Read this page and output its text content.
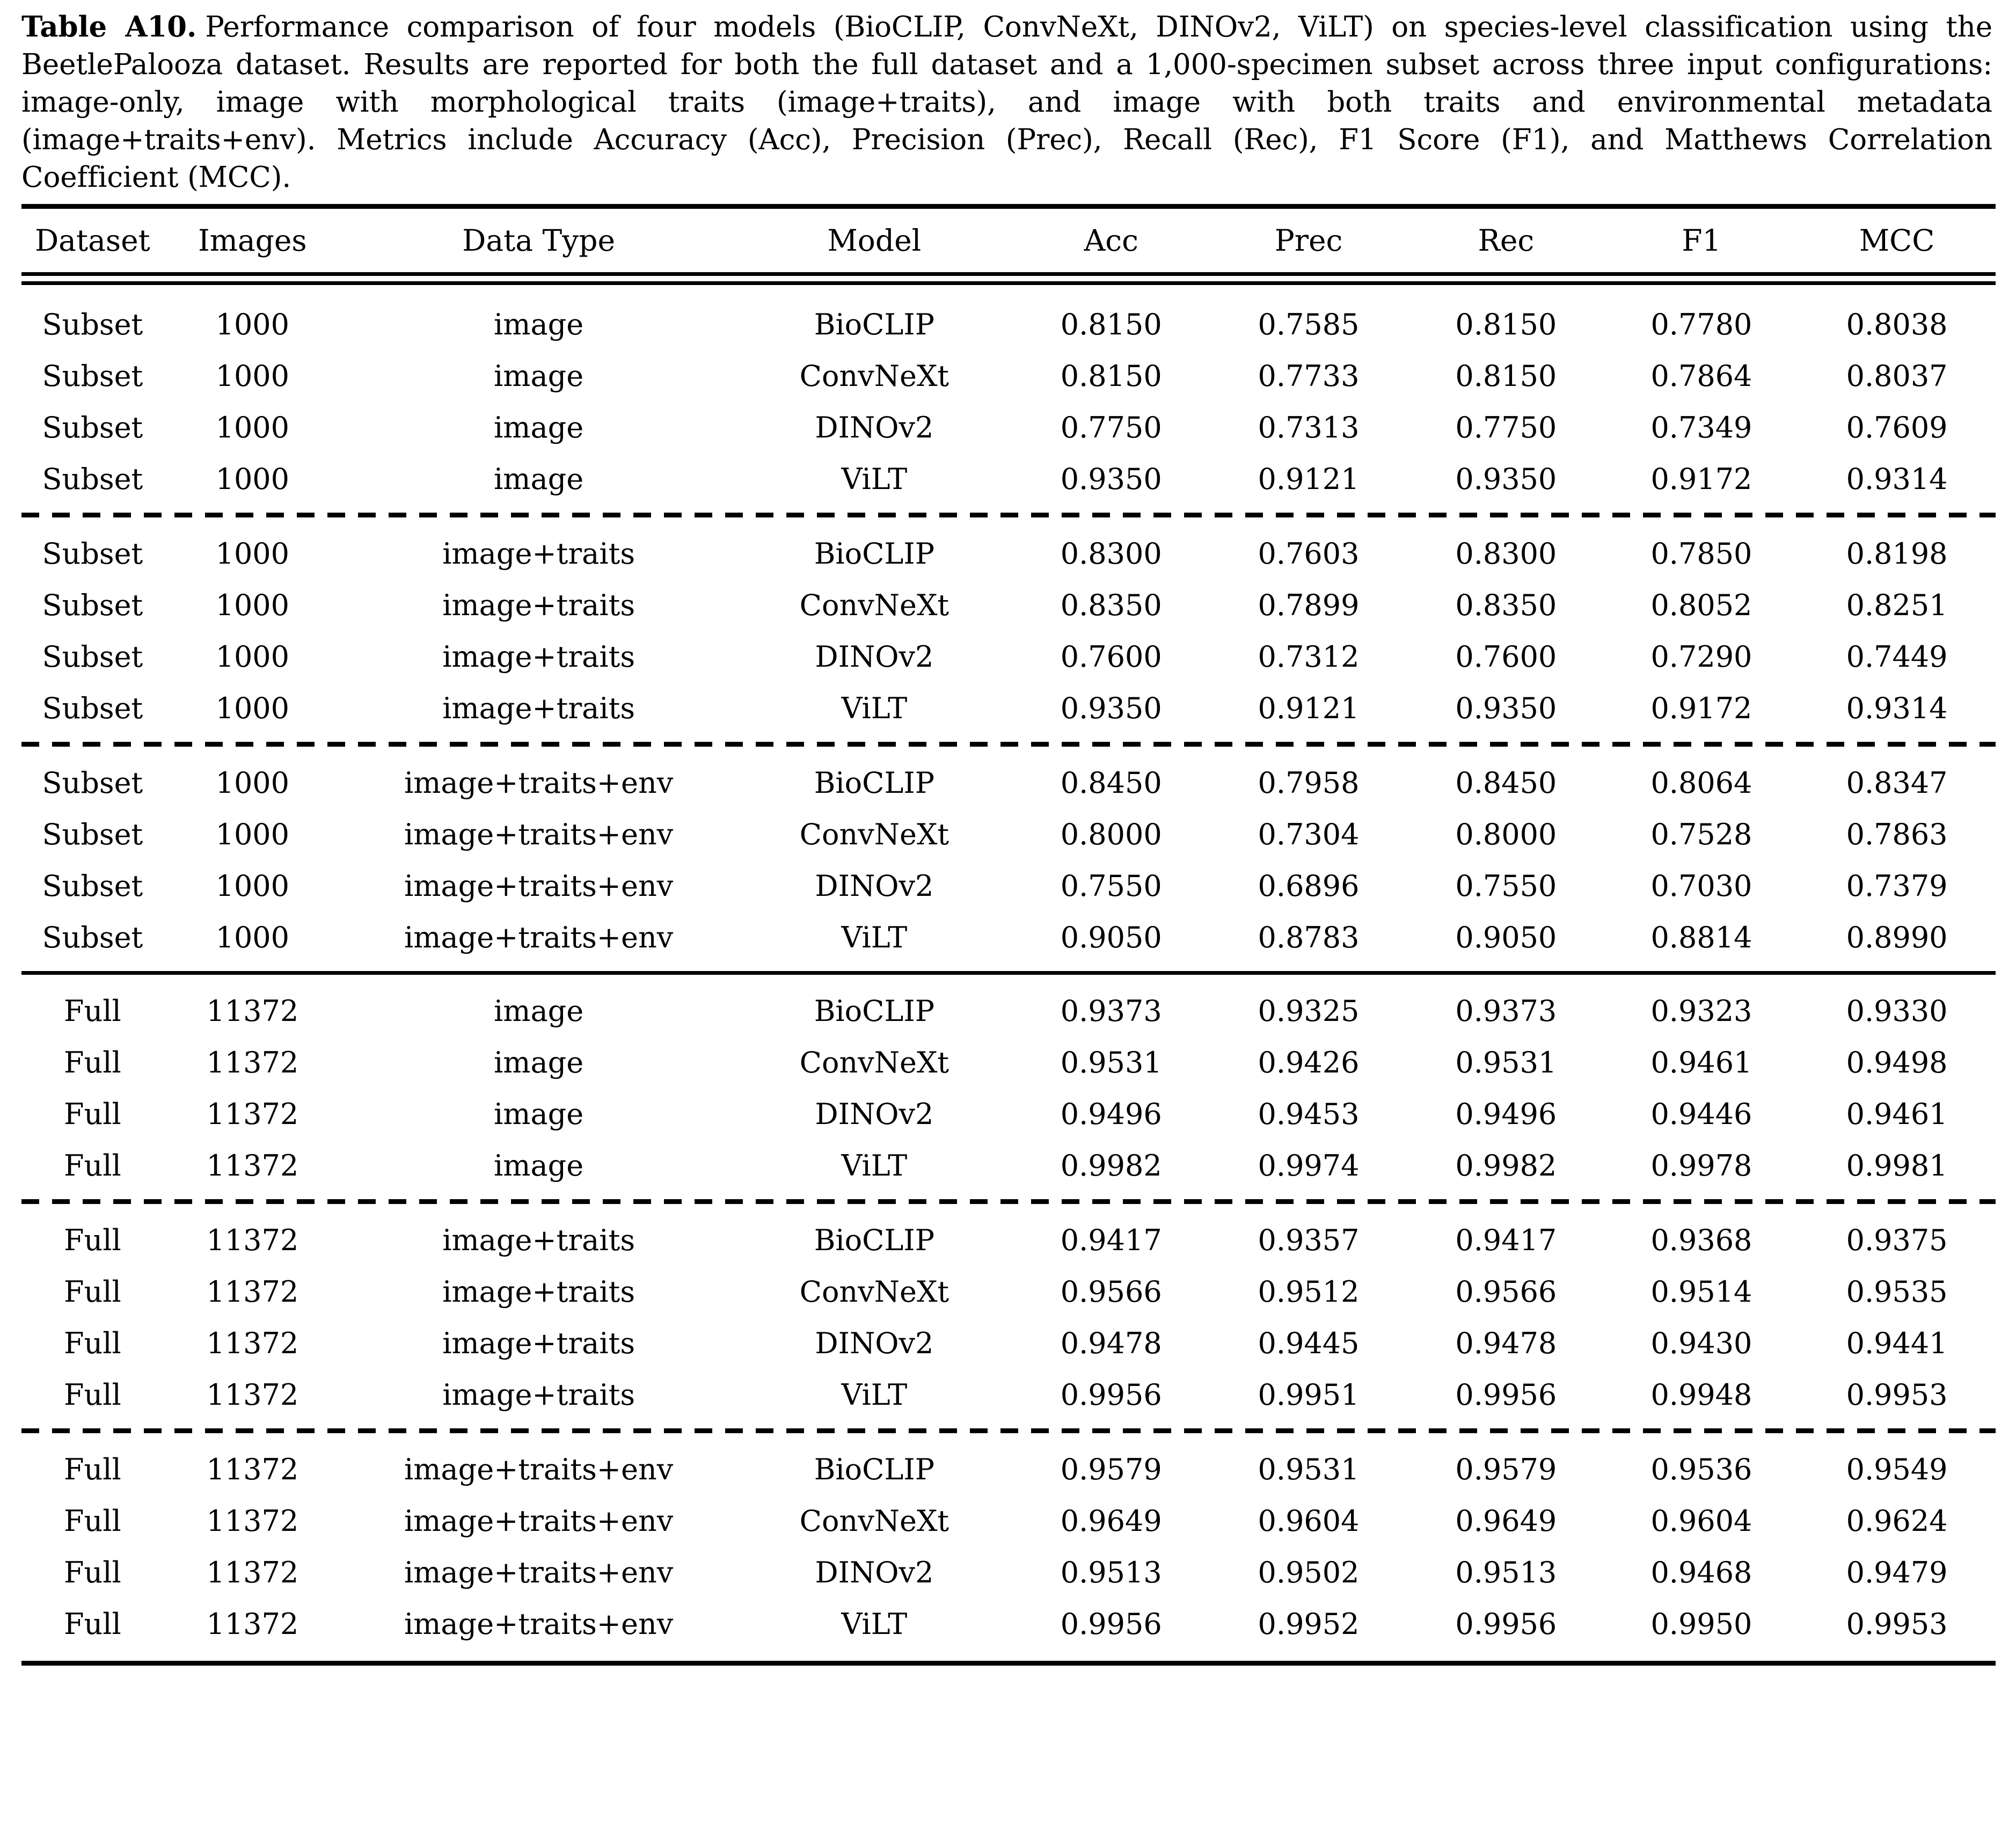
Table A10. Performance comparison of four models (BioCLIP, ConvNeXt, DINOv2, ViLT) on species-level classification using the BeetlePalooza dataset. Results are reported for both the full dataset and a 1,000-specimen subset across three input configurations: image-only, image with morphological traits (image+traits), and image with both traits and environmental metadata (image+traits+env). Metrics include Accuracy (Acc), Precision (Prec), Recall (Rec), F1 Score (F1), and Matthews Correlation Coefficient (MCC).

Dataset	Images	Data Type	Model	Acc	Prec	Rec	F1	MCC

Subset	1000	image	BioCLIP	0.8150	0.7585	0.8150	0.7780	0.8038
Subset	1000	image	ConvNeXt	0.8150	0.7733	0.8150	0.7864	0.8037
Subset	1000	image	DINOv2	0.7750	0.7313	0.7750	0.7349	0.7609
Subset	1000	image	ViLT	0.9350	0.9121	0.9350	0.9172	0.9314

Subset	1000	image+traits	BioCLIP	0.8300	0.7603	0.8300	0.7850	0.8198
Subset	1000	image+traits	ConvNeXt	0.8350	0.7899	0.8350	0.8052	0.8251
Subset	1000	image+traits	DINOv2	0.7600	0.7312	0.7600	0.7290	0.7449
Subset	1000	image+traits	ViLT	0.9350	0.9121	0.9350	0.9172	0.9314

Subset	1000	image+traits+env	BioCLIP	0.8450	0.7958	0.8450	0.8064	0.8347
Subset	1000	image+traits+env	ConvNeXt	0.8000	0.7304	0.8000	0.7528	0.7863
Subset	1000	image+traits+env	DINOv2	0.7550	0.6896	0.7550	0.7030	0.7379
Subset	1000	image+traits+env	ViLT	0.9050	0.8783	0.9050	0.8814	0.8990

Full	11372	image	BioCLIP	0.9373	0.9325	0.9373	0.9323	0.9330
Full	11372	image	ConvNeXt	0.9531	0.9426	0.9531	0.9461	0.9498
Full	11372	image	DINOv2	0.9496	0.9453	0.9496	0.9446	0.9461
Full	11372	image	ViLT	0.9982	0.9974	0.9982	0.9978	0.9981

Full	11372	image+traits	BioCLIP	0.9417	0.9357	0.9417	0.9368	0.9375
Full	11372	image+traits	ConvNeXt	0.9566	0.9512	0.9566	0.9514	0.9535
Full	11372	image+traits	DINOv2	0.9478	0.9445	0.9478	0.9430	0.9441
Full	11372	image+traits	ViLT	0.9956	0.9951	0.9956	0.9948	0.9953

Full	11372	image+traits+env	BioCLIP	0.9579	0.9531	0.9579	0.9536	0.9549
Full	11372	image+traits+env	ConvNeXt	0.9649	0.9604	0.9649	0.9604	0.9624
Full	11372	image+traits+env	DINOv2	0.9513	0.9502	0.9513	0.9468	0.9479
Full	11372	image+traits+env	ViLT	0.9956	0.9952	0.9956	0.9950	0.9953
